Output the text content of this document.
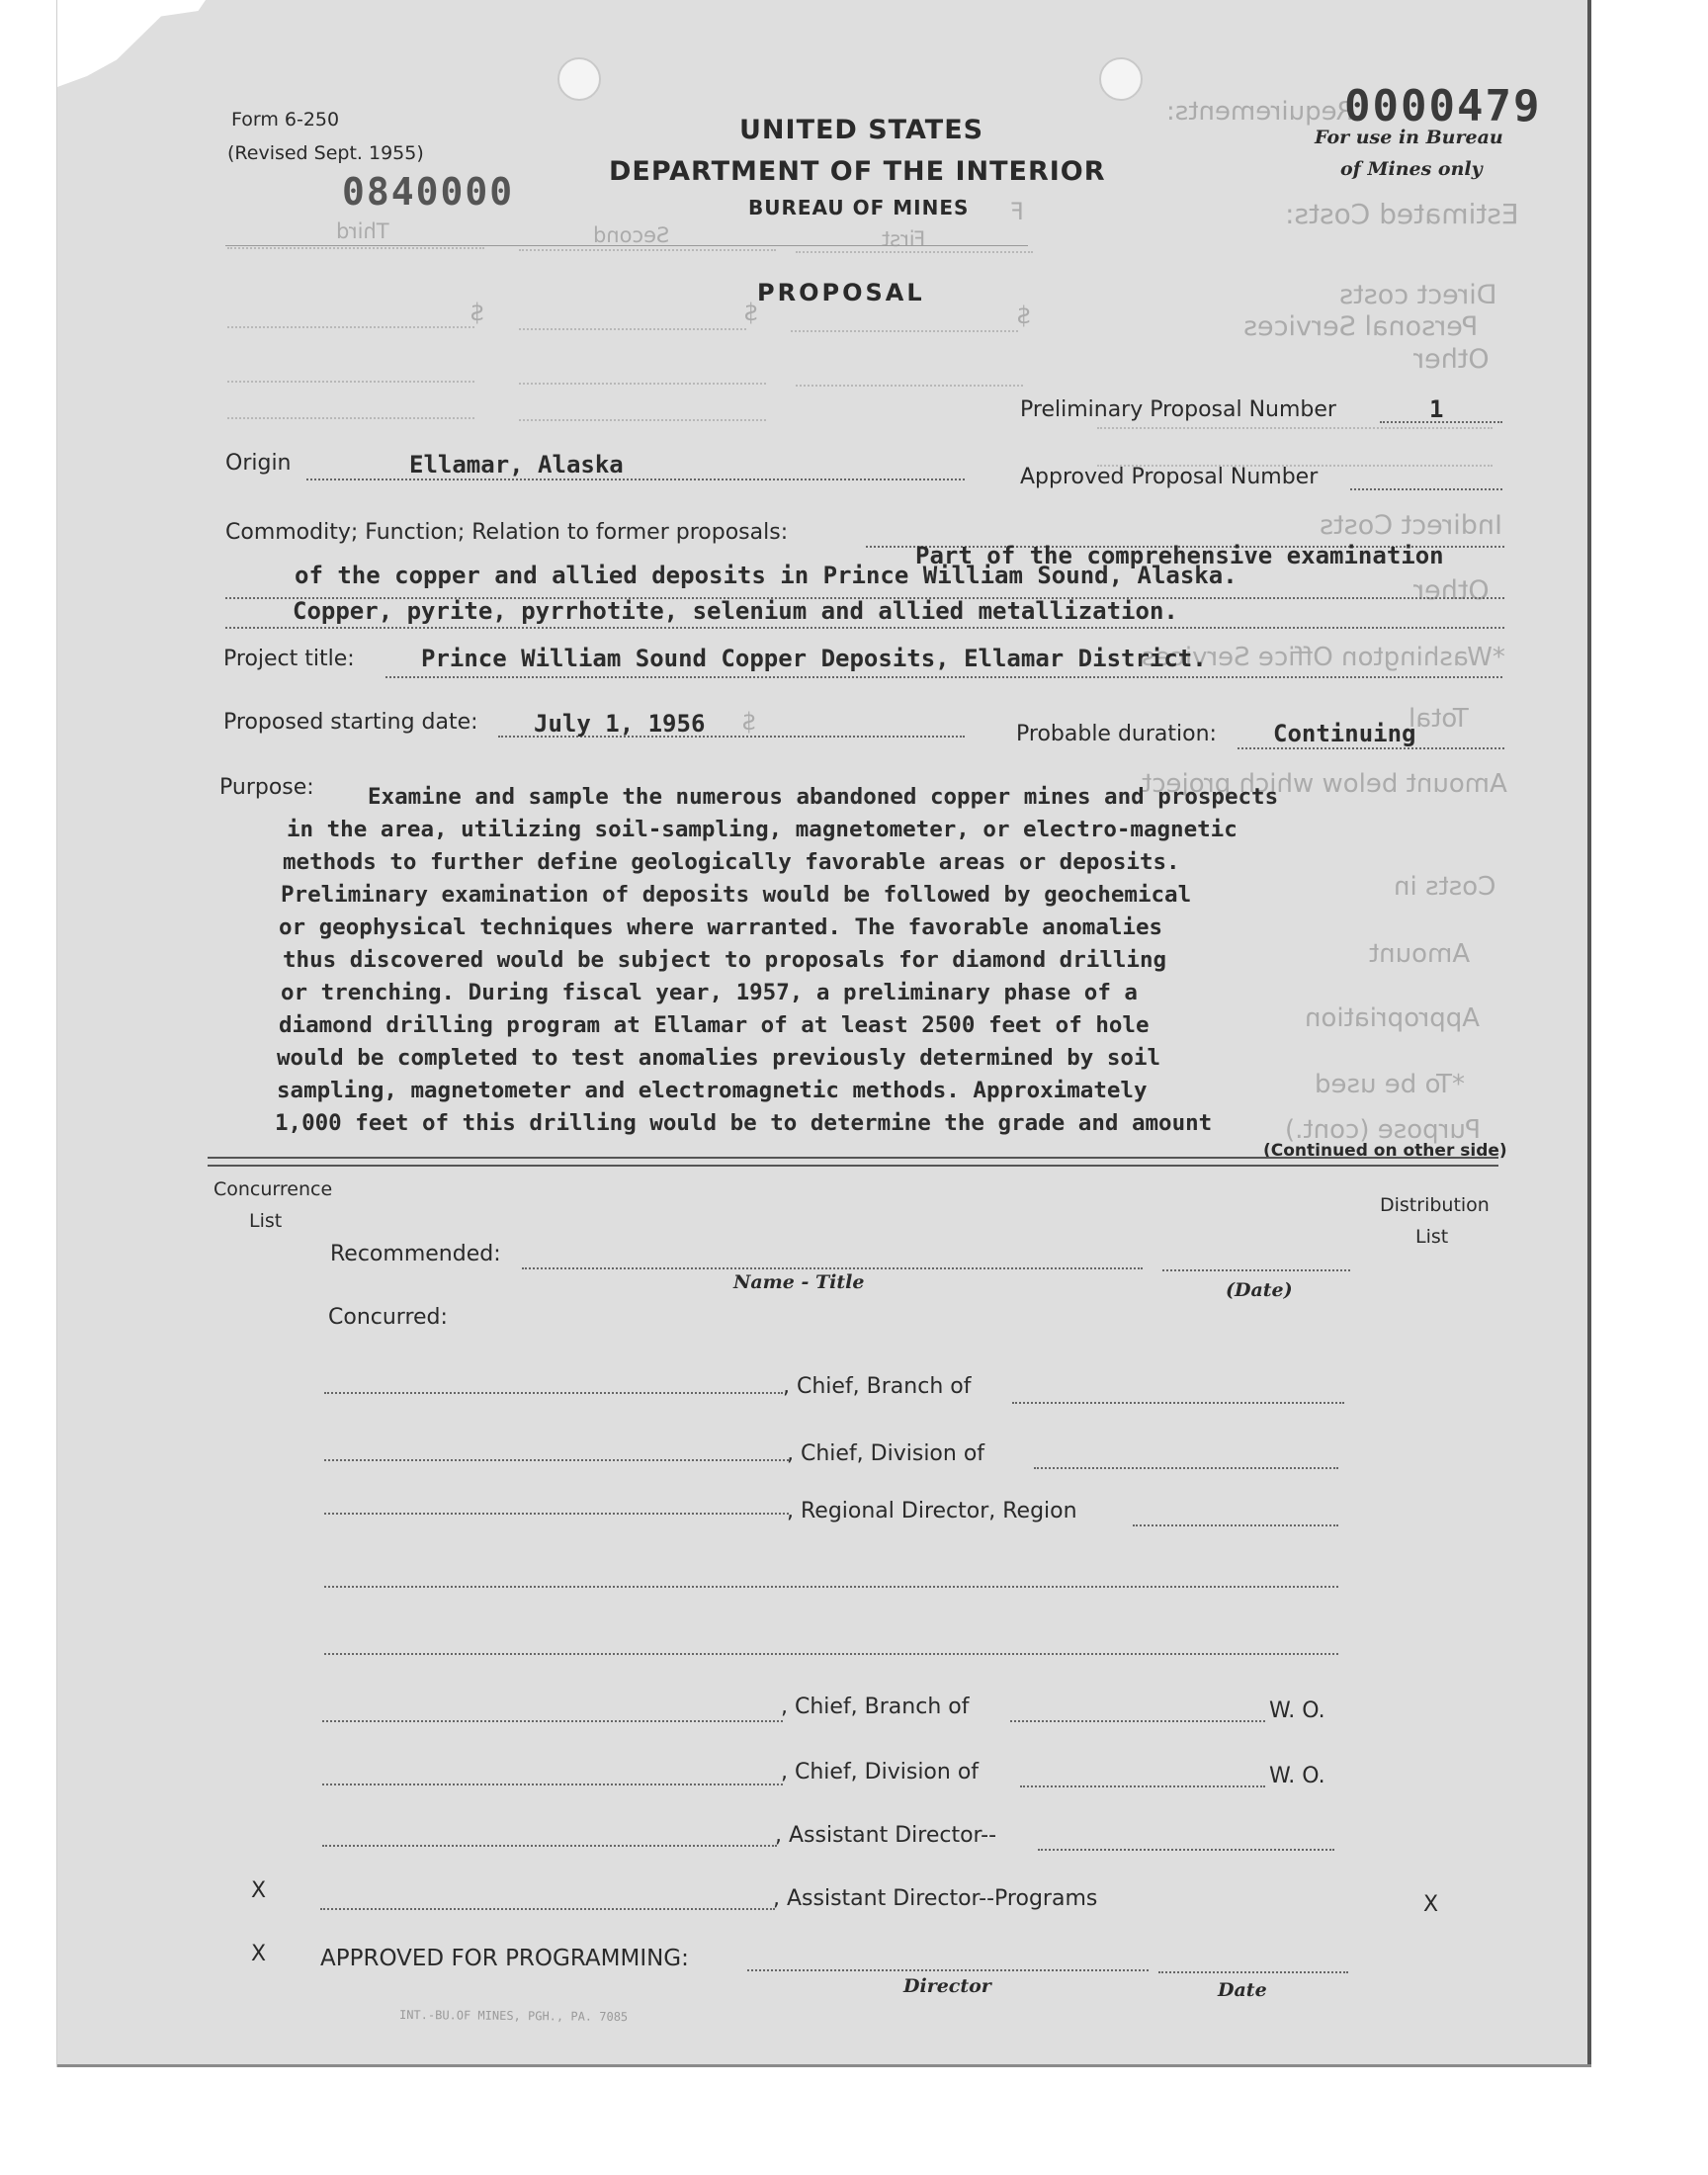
Requirements:
Estimated Costs:
Direct costs
Personal Services
Other
Indirect Costs
Other
*Washington Office Services
Total
Amount below which project
Costs in
Amount
Appropriation
*To be used
Purpose (cont.)
Third	Second	First
F
$	$	$
$
Form 6-250
(Revised Sept. 1955)
0840000
UNITED STATES
DEPARTMENT OF THE INTERIOR
BUREAU OF MINES
0000479
For use in Bureau
of Mines only
PROPOSAL
Preliminary Proposal Number	1
Origin	Ellamar, Alaska	Approved Proposal Number
Commodity; Function; Relation to former proposals:
Part of the comprehensive examination
of the copper and allied deposits in Prince William Sound, Alaska.
Copper, pyrite, pyrrhotite, selenium and allied metallization.
Project title:	Prince William Sound Copper Deposits, Ellamar District.
Proposed starting date: July 1, 1956	Probable duration: Continuing
Purpose: Examine and sample the numerous abandoned copper mines and prospects
in the area, utilizing soil-sampling, magnetometer, or electro-magnetic
methods to further define geologically favorable areas or deposits.
Preliminary examination of deposits would be followed by geochemical
or geophysical techniques where warranted. The favorable anomalies
thus discovered would be subject to proposals for diamond drilling
or trenching. During fiscal year, 1957, a preliminary phase of a
diamond drilling program at Ellamar of at least 2500 feet of hole
would be completed to test anomalies previously determined by soil
sampling, magnetometer and electromagnetic methods. Approximately
1,000 feet of this drilling would be to determine the grade and amount
(Continued on other side)
Concurrence
List
Distribution
List
Recommended:
Name - Title	(Date)
Concurred:
, Chief, Branch of
, Chief, Division of
, Regional Director, Region
, Chief, Branch of	W. O.
, Chief, Division of	W. O.
, Assistant Director--
X	, Assistant Director--Programs	X
X APPROVED FOR PROGRAMMING:
Director	Date
INT.-BU.OF MINES, PGH., PA. 7085
